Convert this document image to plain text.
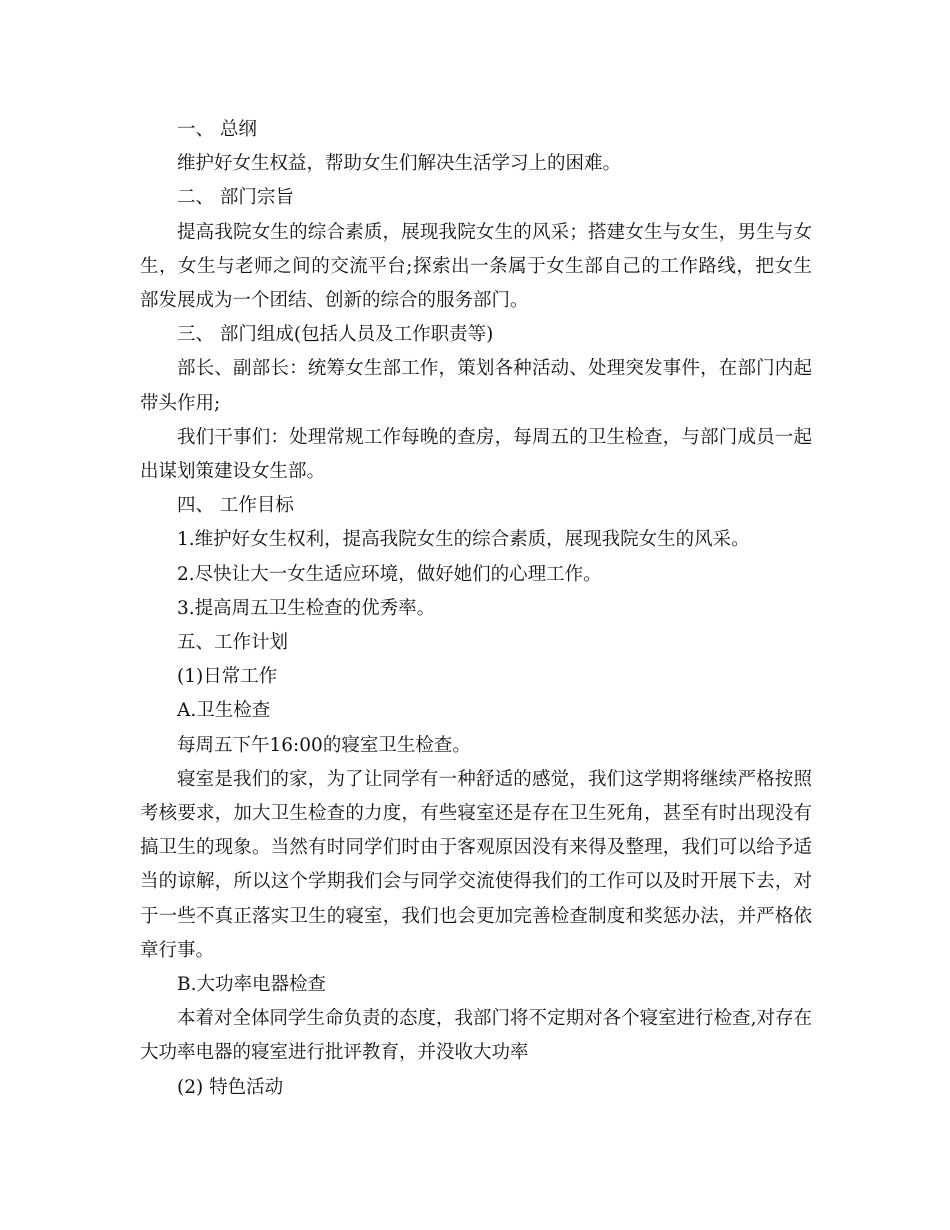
一、 总纲

维护好女生权益，帮助女生们解决生活学习上的困难。

二、 部门宗旨

提高我院女生的综合素质，展现我院女生的风采；搭建女生与女生，男生与女生，女生与老师之间的交流平台;探索出一条属于女生部自己的工作路线，把女生部发展成为一个团结、创新的综合的服务部门。

三、 部门组成(包括人员及工作职责等)

部长、副部长：统筹女生部工作，策划各种活动、处理突发事件，在部门内起带头作用;

我们干事们：处理常规工作每晚的查房，每周五的卫生检查，与部门成员一起出谋划策建设女生部。

四、 工作目标

1.维护好女生权利，提高我院女生的综合素质，展现我院女生的风采。

2.尽快让大一女生适应环境，做好她们的心理工作。

3.提高周五卫生检查的优秀率。

五、工作计划

(1)日常工作

A.卫生检查

每周五下午16:00的寝室卫生检查。

寝室是我们的家，为了让同学有一种舒适的感觉，我们这学期将继续严格按照考核要求，加大卫生检查的力度，有些寝室还是存在卫生死角，甚至有时出现没有搞卫生的现象。当然有时同学们时由于客观原因没有来得及整理，我们可以给予适当的谅解，所以这个学期我们会与同学交流使得我们的工作可以及时开展下去，对于一些不真正落实卫生的寝室，我们也会更加完善检查制度和奖惩办法，并严格依章行事。

B.大功率电器检查

本着对全体同学生命负责的态度，我部门将不定期对各个寝室进行检查,对存在大功率电器的寝室进行批评教育，并没收大功率

(2) 特色活动
